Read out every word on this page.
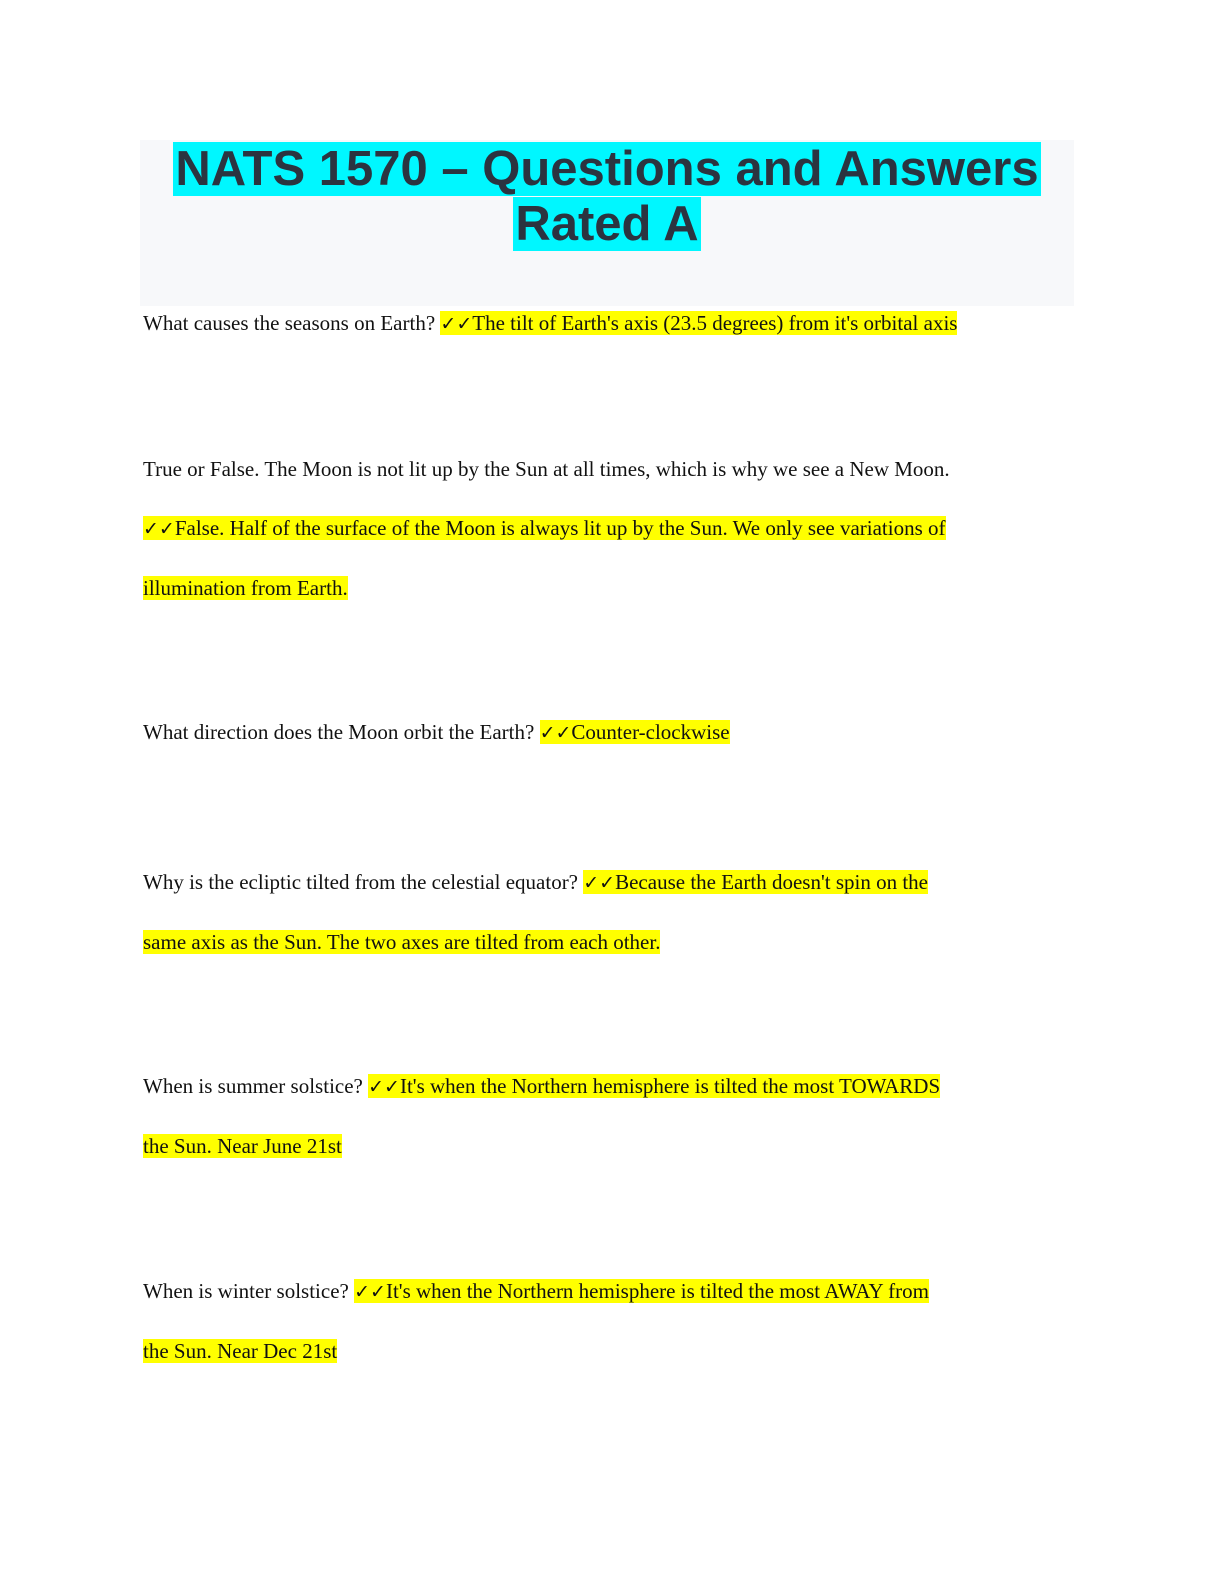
NATS 1570 – Questions and Answers
Rated A

What causes the seasons on Earth? ✓✓The tilt of Earth's axis (23.5 degrees) from it's orbital axis

True or False. The Moon is not lit up by the Sun at all times, which is why we see a New Moon.
✓✓False. Half of the surface of the Moon is always lit up by the Sun. We only see variations of
illumination from Earth.

What direction does the Moon orbit the Earth? ✓✓Counter-clockwise

Why is the ecliptic tilted from the celestial equator? ✓✓Because the Earth doesn't spin on the
same axis as the Sun. The two axes are tilted from each other.

When is summer solstice? ✓✓It's when the Northern hemisphere is tilted the most TOWARDS
the Sun. Near June 21st

When is winter solstice? ✓✓It's when the Northern hemisphere is tilted the most AWAY from
the Sun. Near Dec 21st
